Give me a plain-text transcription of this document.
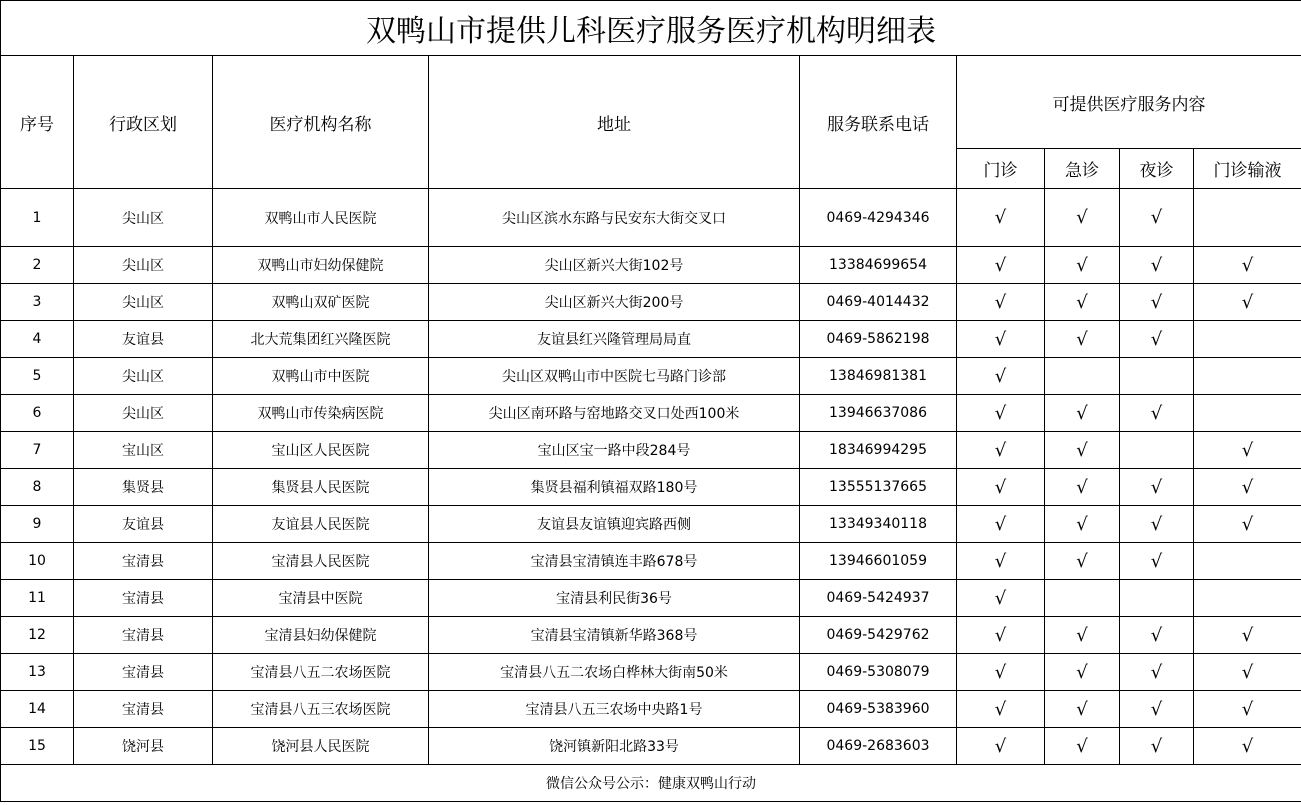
双鸭山市提供儿科医疗服务医疗机构明细表								
序号	行政区划	医疗机构名称	地址	服务联系电话	可提供医疗服务内容			
					门诊	急诊	夜诊	门诊输液
1	尖山区	双鸭山市人民医院	尖山区滨水东路与民安东大街交叉口	0469-4294346	√	√	√	
2	尖山区	双鸭山市妇幼保健院	尖山区新兴大街102号	13384699654	√	√	√	√
3	尖山区	双鸭山双矿医院	尖山区新兴大街200号	0469-4014432	√	√	√	√
4	友谊县	北大荒集团红兴隆医院	友谊县红兴隆管理局局直	0469-5862198	√	√	√	
5	尖山区	双鸭山市中医院	尖山区双鸭山市中医院七马路门诊部	13846981381	√			
6	尖山区	双鸭山市传染病医院	尖山区南环路与窑地路交叉口处西100米	13946637086	√	√	√	
7	宝山区	宝山区人民医院	宝山区宝一路中段284号	18346994295	√	√		√
8	集贤县	集贤县人民医院	集贤县福利镇福双路180号	13555137665	√	√	√	√
9	友谊县	友谊县人民医院	友谊县友谊镇迎宾路西侧	13349340118	√	√	√	√
10	宝清县	宝清县人民医院	宝清县宝清镇连丰路678号	13946601059	√	√	√	
11	宝清县	宝清县中医院	宝清县利民街36号	0469-5424937	√			
12	宝清县	宝清县妇幼保健院	宝清县宝清镇新华路368号	0469-5429762	√	√	√	√
13	宝清县	宝清县八五二农场医院	宝清县八五二农场白桦林大街南50米	0469-5308079	√	√	√	√
14	宝清县	宝清县八五三农场医院	宝清县八五三农场中央路1号	0469-5383960	√	√	√	√
15	饶河县	饶河县人民医院	饶河镇新阳北路33号	0469-2683603	√	√	√	√
微信公众号公示：健康双鸭山行动								
